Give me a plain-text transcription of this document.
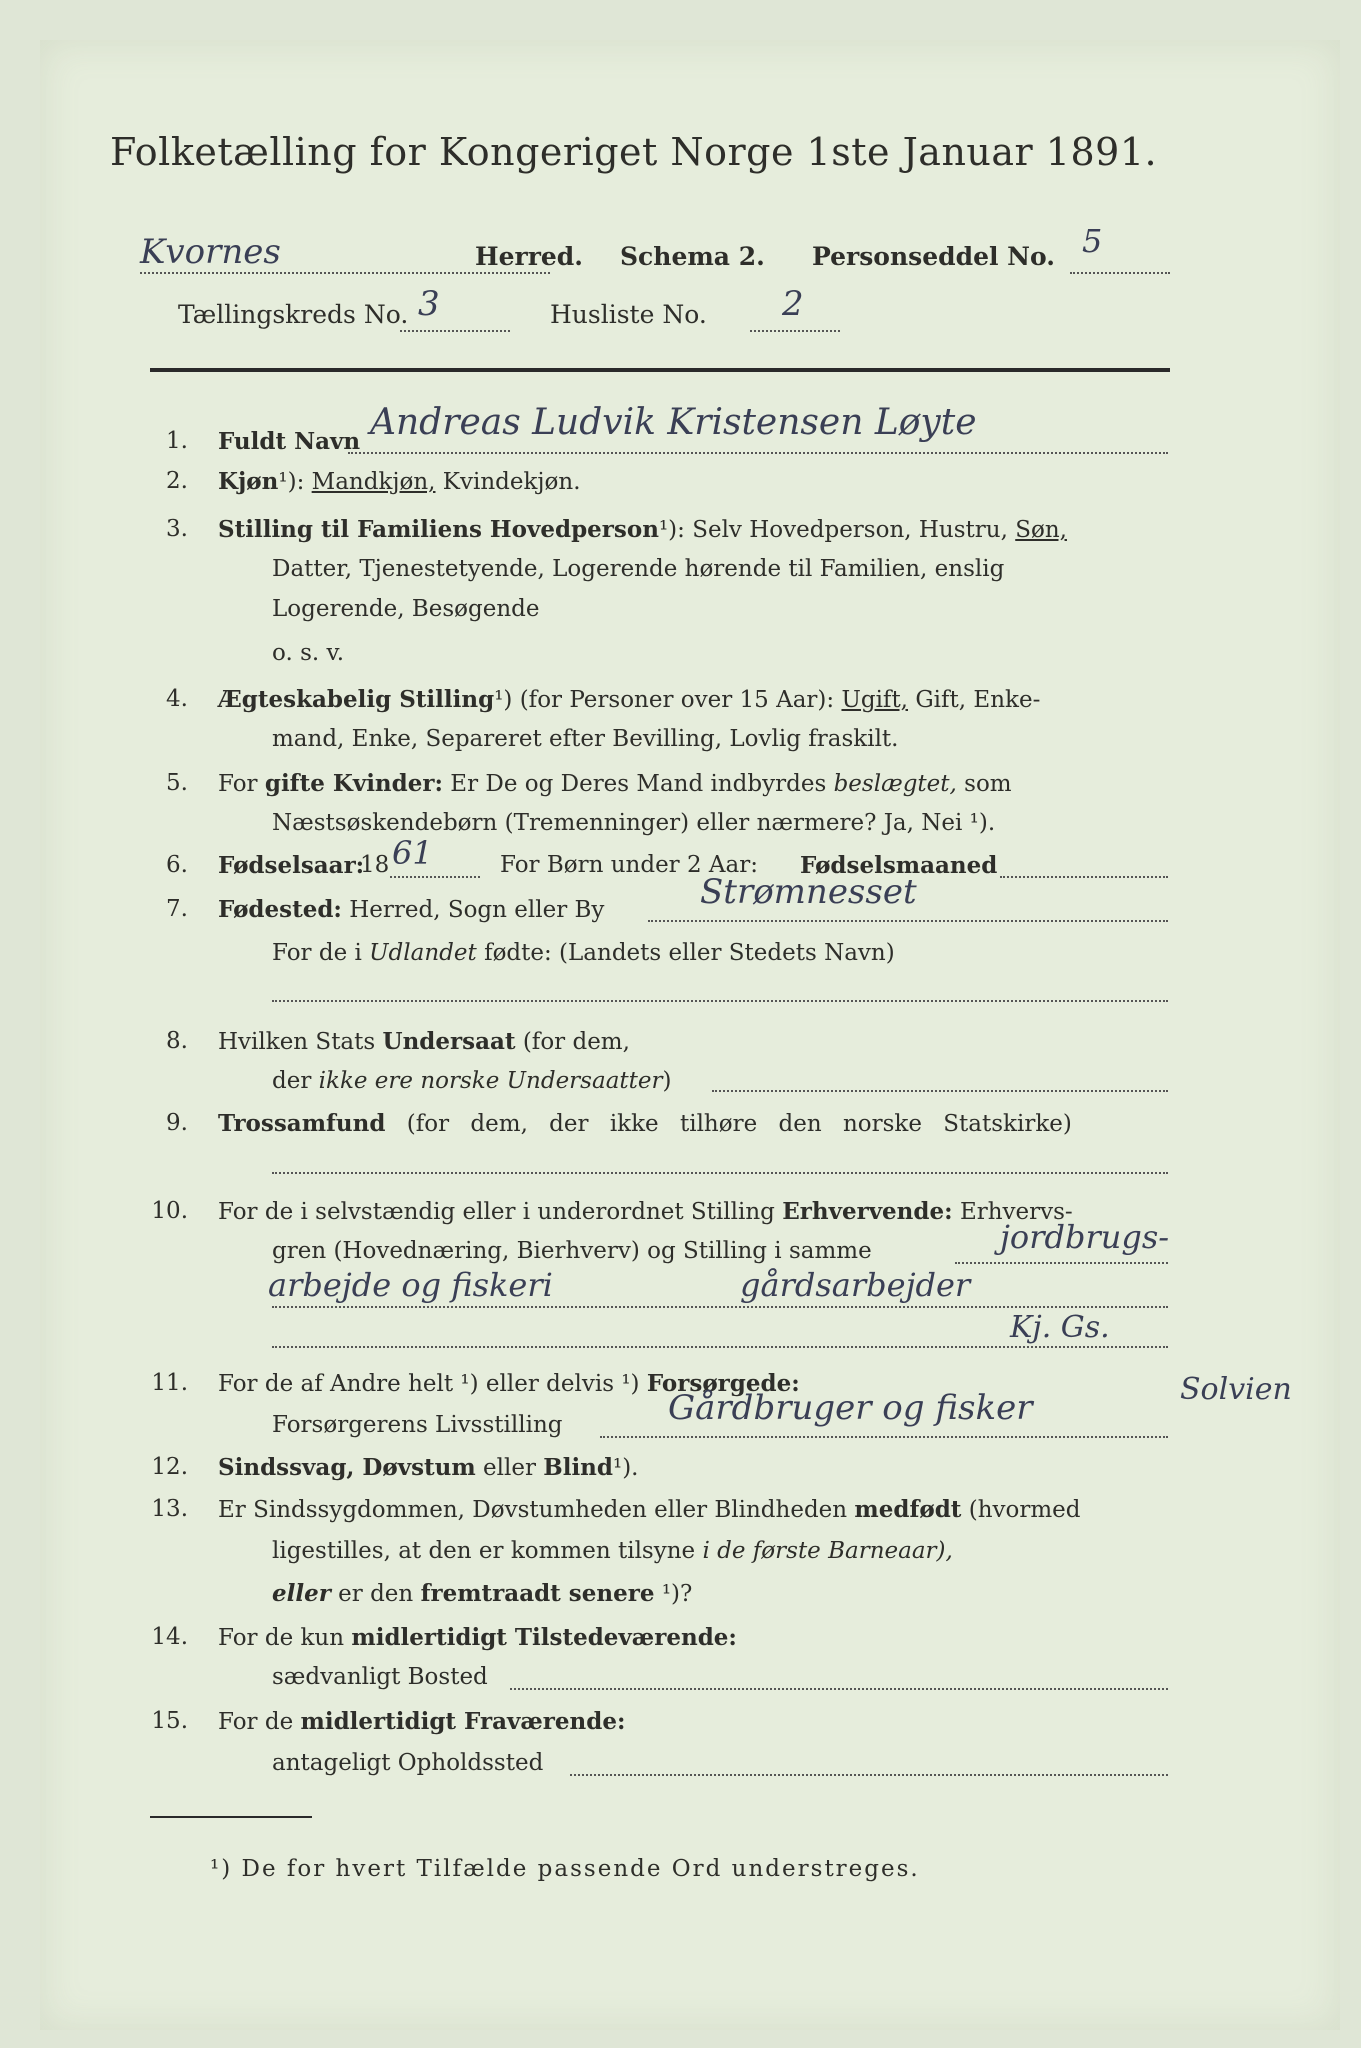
Folketælling for Kongeriget Norge 1ste Januar 1891.
Kvornes	Herred. Schema 2. Personseddel No. 5
Tællingskreds No. 3	Husliste No. 2
1. Fuldt Navn Andreas Ludvik Kristensen Løyte
2. Kjøn¹): Mandkjøn, Kvindekjøn.
3. Stilling til Familiens Hovedperson¹): Selv Hovedperson, Hustru, Søn,
Datter, Tjenestetyende, Logerende hørende til Familien, enslig
Logerende, Besøgende
o. s. v.
4. Ægteskabelig Stilling¹) (for Personer over 15 Aar): Ugift, Gift, Enke-
mand, Enke, Separeret efter Bevilling, Lovlig fraskilt.
5. For gifte Kvinder: Er De og Deres Mand indbyrdes beslægtet, som
Næstsøskendebørn (Tremenninger) eller nærmere? Ja, Nei ¹).
6. Fødselsaar:
18 61	For Børn under 2 Aar: Fødselsmaaned
7. Fødested: Herred, Sogn eller By	Strømnesset
For de i Udlandet fødte: (Landets eller Stedets Navn)
8. Hvilken Stats Undersaat (for dem,
der ikke ere norske Undersaatter)
9. Trossamfund (for dem, der ikke tilhøre den norske Statskirke)
10. For de i selvstændig eller i underordnet Stilling Erhvervende: Erhvervs-
gren (Hovednæring, Bierhverv) og Stilling i samme	jordbrugs-
arbejde og fiskeri	gårdsarbejder
Kj. Gs.
11. For de af Andre helt ¹) eller delvis ¹) Forsørgede:
Forsørgerens Livsstilling	Gårdbruger og fisker	Solvien
12. Sindssvag, Døvstum eller Blind¹).
13. Er Sindssygdommen, Døvstumheden eller Blindheden medfødt (hvormed
ligestilles, at den er kommen tilsyne i de første Barneaar),
eller er den fremtraadt senere ¹)?
14. For de kun midlertidigt Tilstedeværende:
sædvanligt Bosted
15. For de midlertidigt Fraværende:
antageligt Opholdssted
¹) De for hvert Tilfælde passende Ord understreges.
